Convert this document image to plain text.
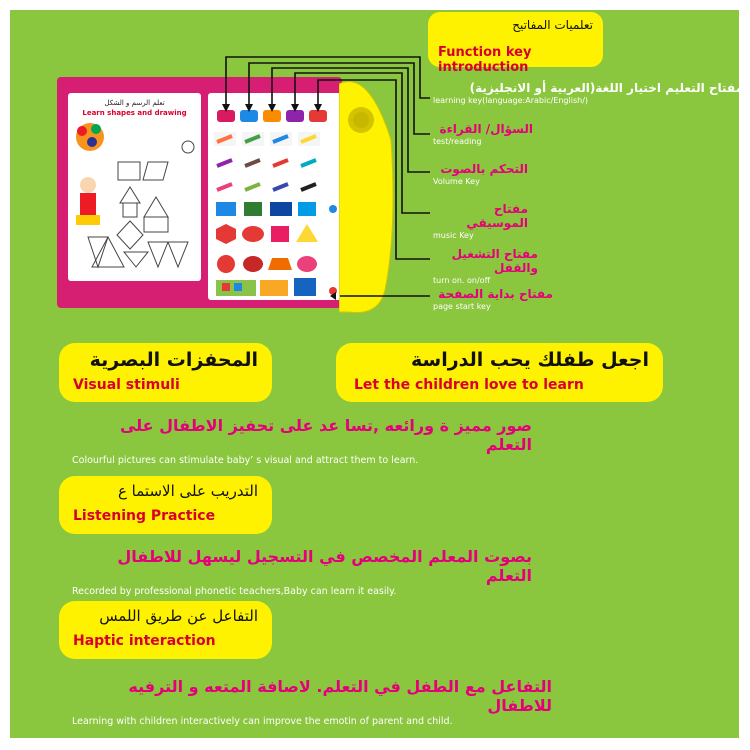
تعلميات المفاتيح
Function key introduction
تعلم الرسم و الشكل
Learn shapes and drawing
مفتاح التعليم اختيار اللغة(العربية أو الانجليزية)
learning key(language:Arabic/English/)
السؤال/ القراءة
test/reading
التحكم بالصوت
Volume Key
مفتاح الموسيقي
music Key
مفتاح التشغيل والقفل
turn on. on/off
مفتاح بداية الصفحة
page start key
المحفزات البصرية
Visual stimuli
اجعل طفلك يحب الدراسة
Let the children love to learn
صور مميز ة ورائعه ,تسا عد على تحفيز الاطفال على التعلم
Colourful pictures can stimulate baby’ s visual and attract them to learn.
التدريب على الاستما ع
Listening Practice
بصوت المعلم المخصص في التسجيل ليسهل للاطفال التعلم
Recorded by professional phonetic teachers,Baby can learn it easily.
التفاعل عن طريق اللمس
Haptic interaction
التفاعل مع الطفل في التعلم. لاصافة المتعه و الترفيه للاطفال
Learning with children interactively can improve the emotin of parent and child.
